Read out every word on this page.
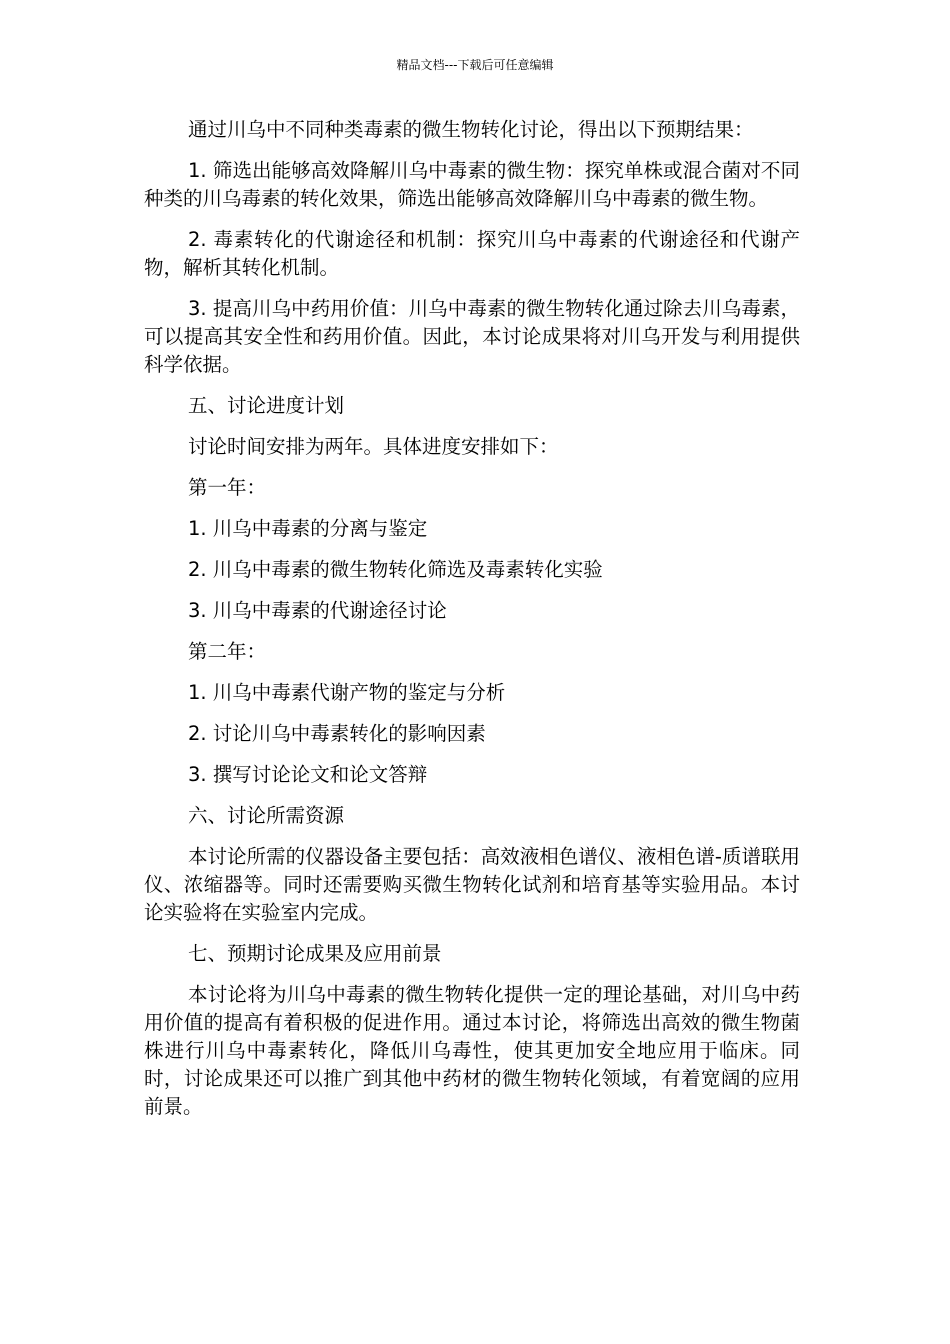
精品文档---下载后可任意编辑

通过川乌中不同种类毒素的微生物转化讨论，得出以下预期结果：

1. 筛选出能够高效降解川乌中毒素的微生物：探究单株或混合菌对不同种类的川乌毒素的转化效果，筛选出能够高效降解川乌中毒素的微生物。

2. 毒素转化的代谢途径和机制：探究川乌中毒素的代谢途径和代谢产物，解析其转化机制。

3. 提高川乌中药用价值：川乌中毒素的微生物转化通过除去川乌毒素，可以提高其安全性和药用价值。因此，本讨论成果将对川乌开发与利用提供科学依据。

五、讨论进度计划

讨论时间安排为两年。具体进度安排如下：

第一年：

1. 川乌中毒素的分离与鉴定

2. 川乌中毒素的微生物转化筛选及毒素转化实验

3. 川乌中毒素的代谢途径讨论

第二年：

1. 川乌中毒素代谢产物的鉴定与分析

2. 讨论川乌中毒素转化的影响因素

3. 撰写讨论论文和论文答辩

六、讨论所需资源

本讨论所需的仪器设备主要包括：高效液相色谱仪、液相色谱-质谱联用仪、浓缩器等。同时还需要购买微生物转化试剂和培育基等实验用品。本讨论实验将在实验室内完成。

七、预期讨论成果及应用前景

本讨论将为川乌中毒素的微生物转化提供一定的理论基础，对川乌中药用价值的提高有着积极的促进作用。通过本讨论，将筛选出高效的微生物菌株进行川乌中毒素转化，降低川乌毒性，使其更加安全地应用于临床。同时，讨论成果还可以推广到其他中药材的微生物转化领域，有着宽阔的应用前景。
